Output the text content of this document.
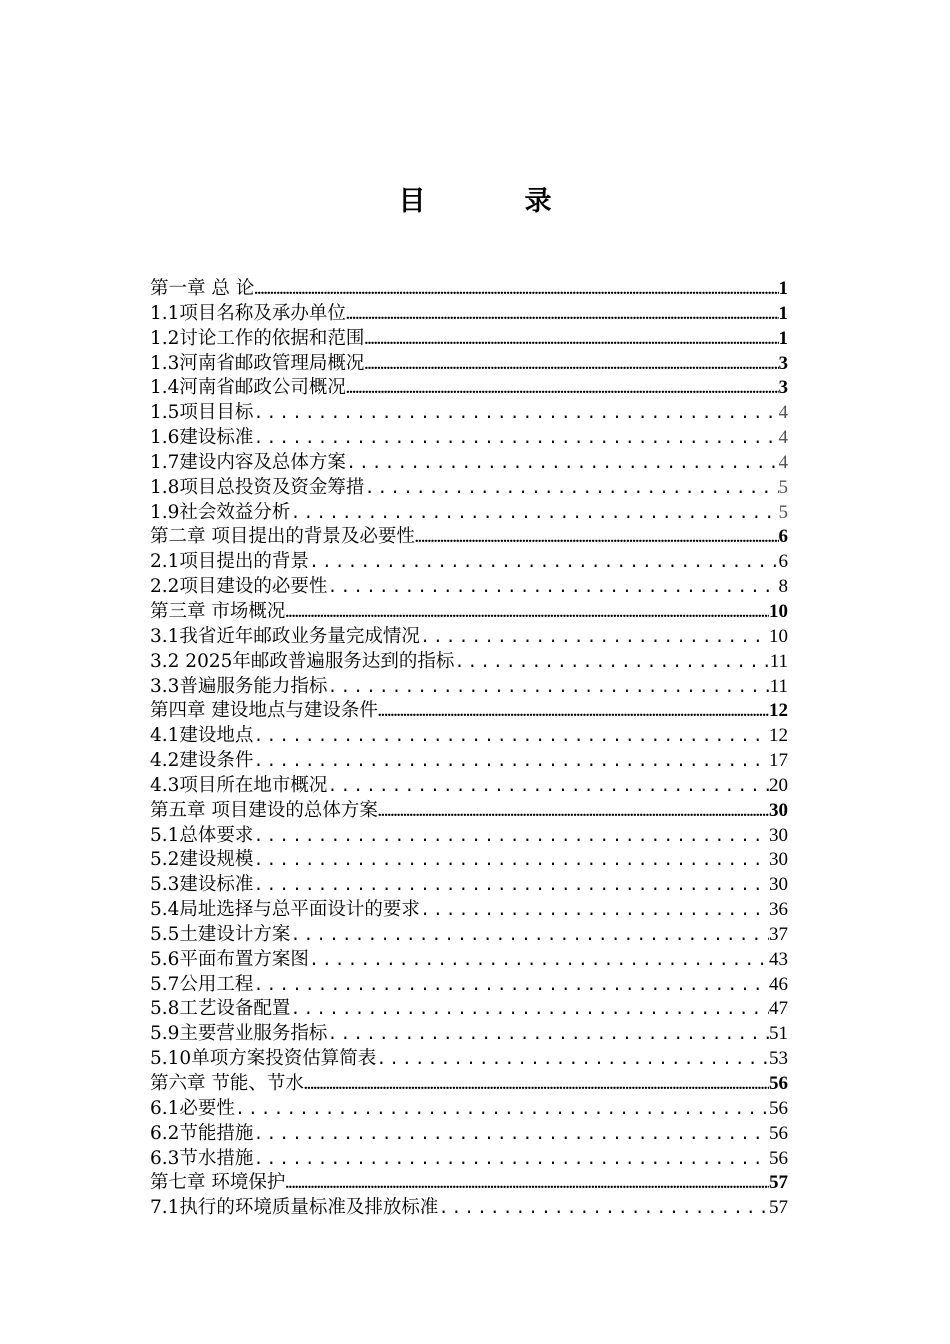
目　录
第一章 总 论 .....	1
1.1项目名称及承办单位 .....	1
1.2讨论工作的依据和范围 .....	1
1.3河南省邮政管理局概况 .....	3
1.4河南省邮政公司概况 .....	3
1.5项目目标 .....	4
1.6建设标准 .....	4
1.7建设内容及总体方案 .....	4
1.8项目总投资及资金筹措 .....	5
1.9社会效益分析 .....	5
第二章 项目提出的背景及必要性 .....	6
2.1项目提出的背景 .....	6
2.2项目建设的必要性 .....	8
第三章 市场概况 .....	10
3.1我省近年邮政业务量完成情况 .....	10
3.2 2025年邮政普遍服务达到的指标 .....	11
3.3普遍服务能力指标 .....	11
第四章 建设地点与建设条件 .....	12
4.1建设地点 .....	12
4.2建设条件 .....	17
4.3项目所在地市概况 .....	20
第五章 项目建设的总体方案 .....	30
5.1总体要求 .....	30
5.2建设规模 .....	30
5.3建设标准 .....	30
5.4局址选择与总平面设计的要求 .....	36
5.5土建设计方案 .....	37
5.6平面布置方案图 .....	43
5.7公用工程 .....	46
5.8工艺设备配置 .....	47
5.9主要营业服务指标 .....	51
5.10单项方案投资估算简表 .....	53
第六章 节能、节水 .....	56
6.1必要性 .....	56
6.2节能措施 .....	56
6.3节水措施 .....	56
第七章 环境保护 .....	57
7.1执行的环境质量标准及排放标准 .....	57
